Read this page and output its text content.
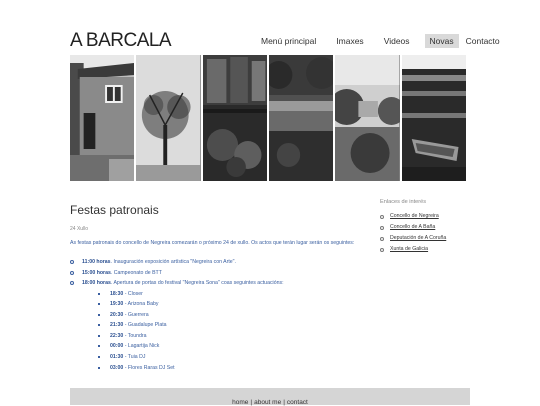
A BARCALA	Menú principal	Imaxes	Videos	Novas	Contacto
Festas patronais
24 Xullo
As festas patronais do concello de Negreira comezarán o próximo 24 de xullo. Os actos que terán lugar serán os seguintes:
11:00 horas. Inauguración exposición artística "Negreira con Arte".
15:00 horas. Campeonato de BTT
18:00 horas. Apertura de portas do festival "Negreira Sona" coas seguintes actuacións:
18:30 - Closer
19:30 - Arizona Baby
20:30 - Guerrera
21:30 - Guadalupe Plata
22:30 - Toundra
00:00 - Lagartija Nick
01:30 - Tuia DJ
03:00 - Flores Raras DJ Set
Enlaces de interés
Concello de Negreira
Concello de A Baña
Deputación de A Coruña
Xunta de Galicia
home | about me | contact
